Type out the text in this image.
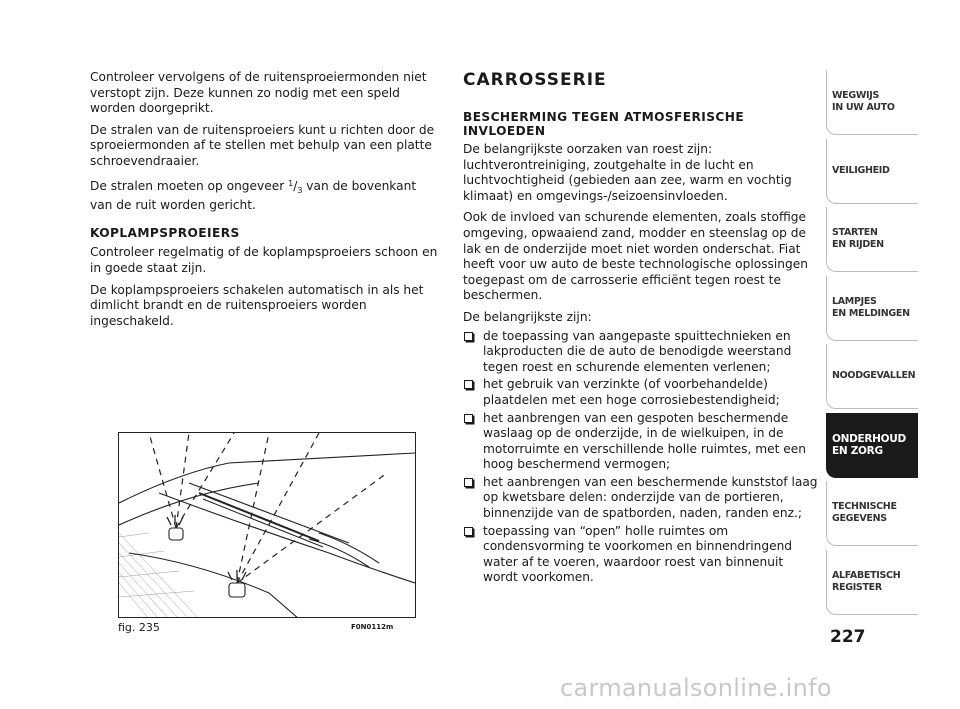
Controleer vervolgens of de ruitensproeiermonden niet verstopt zijn. Deze kunnen zo nodig met een speld worden doorgeprikt.

De stralen van de ruitensproeiers kunt u richten door de sproeiermonden af te stellen met behulp van een platte schroevendraaier.

De stralen moeten op ongeveer $^1/_3$ van de bovenkant van de ruit worden gericht.

KOPLAMPSPROEIERS

Controleer regelmatig of de koplampsproeiers schoon en in goede staat zijn.

De koplampsproeiers schakelen automatisch in als het dimlicht brandt en de ruitensproeiers worden ingeschakeld.

fig. 235	F0N0112m

CARROSSERIE

BESCHERMING TEGEN ATMOSFERISCHE INVLOEDEN

De belangrijkste oorzaken van roest zijn: luchtverontreiniging, zoutgehalte in de lucht en luchtvochtigheid (gebieden aan zee, warm en vochtig klimaat) en omgevings-/seizoensinvloeden.

Ook de invloed van schurende elementen, zoals stoffige omgeving, opwaaiend zand, modder en steenslag op de lak en de onderzijde moet niet worden onderschat. Fiat heeft voor uw auto de beste technologische oplossingen toegepast om de carrosserie efficiënt tegen roest te beschermen.

De belangrijkste zijn:

de toepassing van aangepaste spuittechnieken en lakproducten die de auto de benodigde weerstand tegen roest en schurende elementen verlenen;
het gebruik van verzinkte (of voorbehandelde) plaatdelen met een hoge corrosiebestendigheid;
het aanbrengen van een gespoten beschermende waslaag op de onderzijde, in de wielkuipen, in de motorruimte en verschillende holle ruimtes, met een hoog beschermend vermogen;
het aanbrengen van een beschermende kunststof laag op kwetsbare delen: onderzijde van de portieren, binnenzijde van de spatborden, naden, randen enz.;
toepassing van “open” holle ruimtes om condensvorming te voorkomen en binnendringend water af te voeren, waardoor roest van binnenuit wordt voorkomen.
WEGWIJS
IN UW AUTO
VEILIGHEID
STARTEN
EN RIJDEN
LAMPJES
EN MELDINGEN
NOODGEVALLEN
ONDERHOUD
EN ZORG
TECHNISCHE
GEGEVENS
ALFABETISCH
REGISTER
227
carmanualsonline.info
